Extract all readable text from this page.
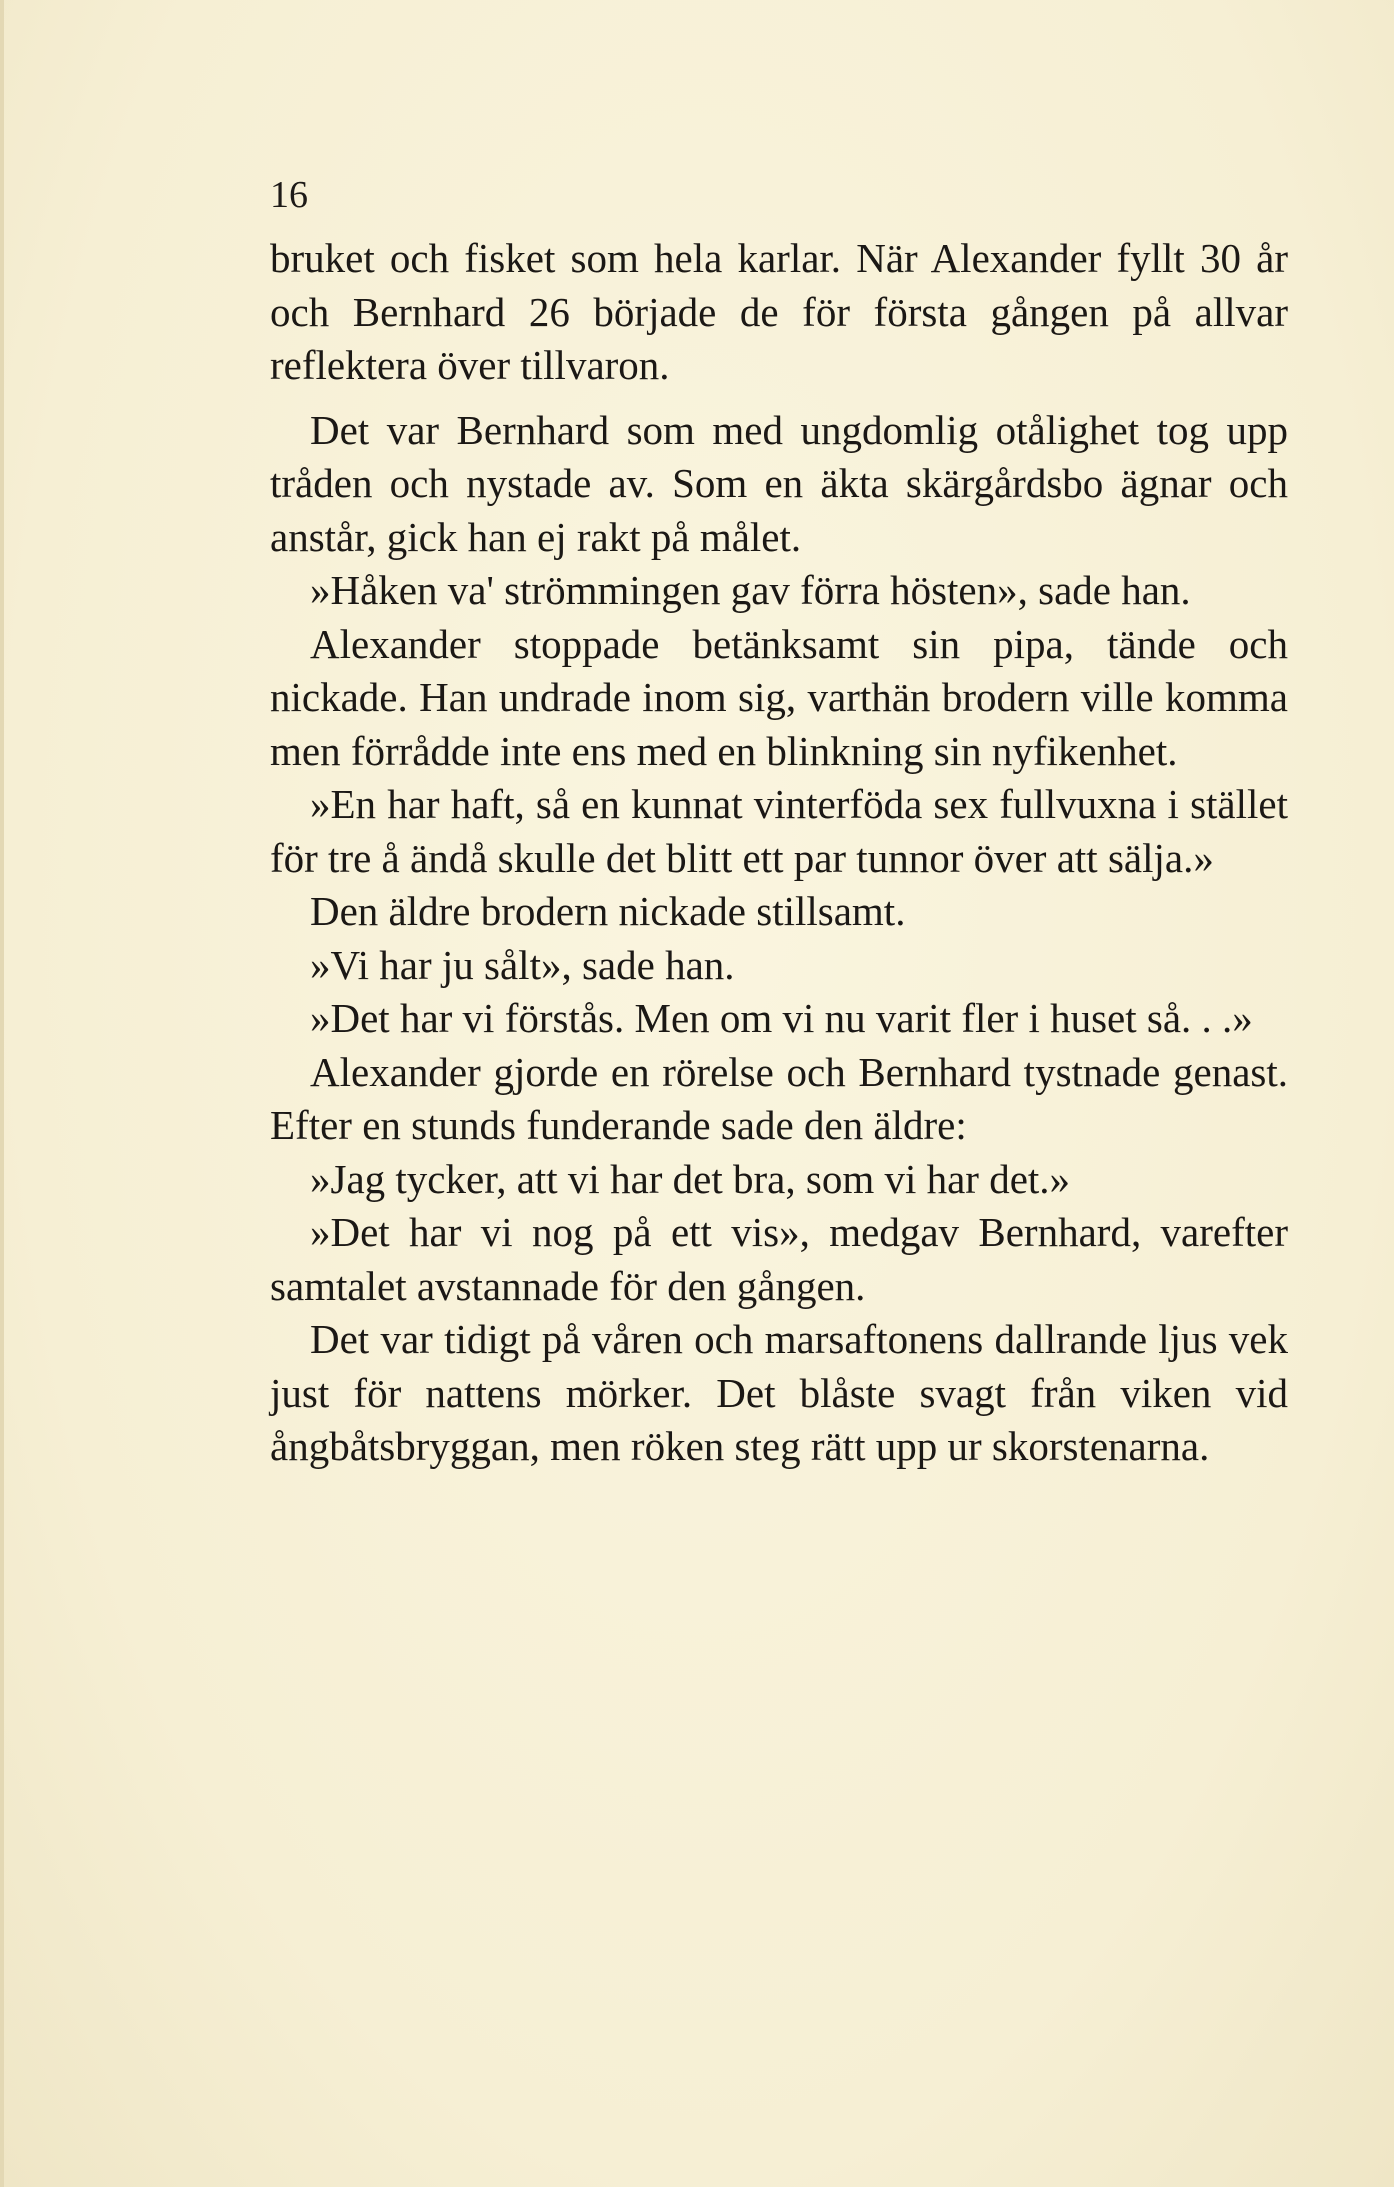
16

bruket och fisket som hela karlar. När Alexander fyllt 30 år och Bernhard 26 började de för första gången på allvar reflektera över tillvaron.

Det var Bernhard som med ungdomlig otålighet tog upp tråden och nystade av. Som en äkta skärgårdsbo ägnar och anstår, gick han ej rakt på målet.

»Håken va' strömmingen gav förra hösten», sade han.

Alexander stoppade betänksamt sin pipa, tände och nickade. Han undrade inom sig, varthän brodern ville komma men förrådde inte ens med en blinkning sin nyfikenhet.

»En har haft, så en kunnat vinterföda sex fullvuxna i stället för tre å ändå skulle det blitt ett par tunnor över att sälja.»

Den äldre brodern nickade stillsamt.

»Vi har ju sålt», sade han.

»Det har vi förstås. Men om vi nu varit fler i huset så. . .»

Alexander gjorde en rörelse och Bernhard tystnade genast. Efter en stunds funderande sade den äldre:

»Jag tycker, att vi har det bra, som vi har det.»

»Det har vi nog på ett vis», medgav Bernhard, varefter samtalet avstannade för den gången.

Det var tidigt på våren och marsaftonens dallrande ljus vek just för nattens mörker. Det blåste svagt från viken vid ångbåtsbryggan, men röken steg rätt upp ur skorstenarna.
